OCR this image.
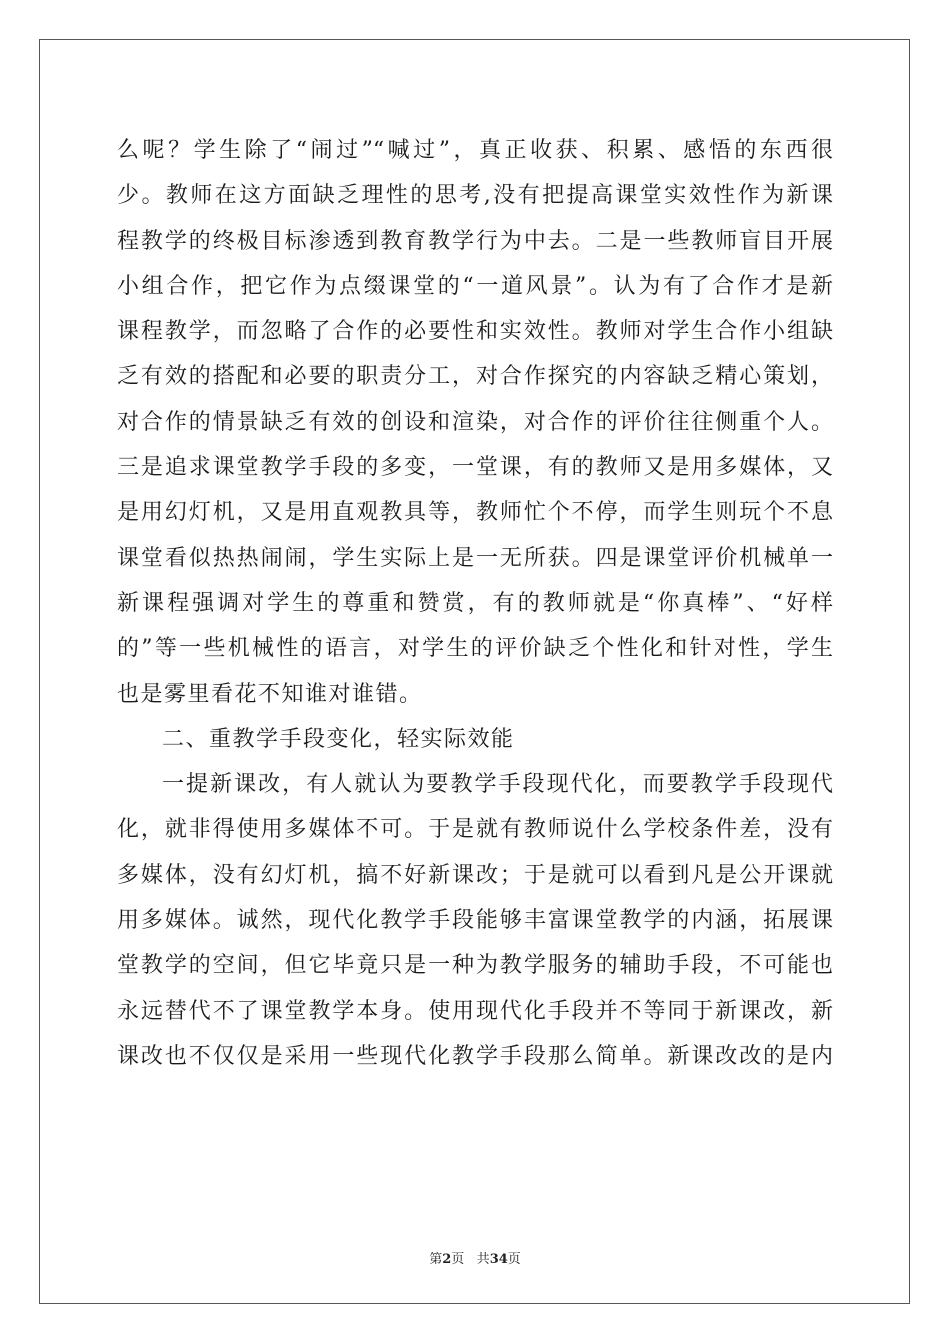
么呢？学生除了“闹过”“喊过”，真正收获、积累、感悟的东西很
少。教师在这方面缺乏理性的思考,没有把提高课堂实效性作为新课
程教学的终极目标渗透到教育教学行为中去。二是一些教师盲目开展
小组合作，把它作为点缀课堂的“一道风景”。认为有了合作才是新
课程教学，而忽略了合作的必要性和实效性。教师对学生合作小组缺
乏有效的搭配和必要的职责分工，对合作探究的内容缺乏精心策划，
对合作的情景缺乏有效的创设和渲染，对合作的评价往往侧重个人。
三是追求课堂教学手段的多变，一堂课，有的教师又是用多媒体，又
是用幻灯机，又是用直观教具等，教师忙个不停，而学生则玩个不息
课堂看似热热闹闹，学生实际上是一无所获。四是课堂评价机械单一
新课程强调对学生的尊重和赞赏，有的教师就是“你真棒”、“好样
的”等一些机械性的语言，对学生的评价缺乏个性化和针对性，学生
也是雾里看花不知谁对谁错。
二、重教学手段变化，轻实际效能
一提新课改，有人就认为要教学手段现代化，而要教学手段现代
化，就非得使用多媒体不可。于是就有教师说什么学校条件差，没有
多媒体，没有幻灯机，搞不好新课改；于是就可以看到凡是公开课就
用多媒体。诚然，现代化教学手段能够丰富课堂教学的内涵，拓展课
堂教学的空间，但它毕竟只是一种为教学服务的辅助手段，不可能也
永远替代不了课堂教学本身。使用现代化手段并不等同于新课改，新
课改也不仅仅是采用一些现代化教学手段那么简单。新课改改的是内
第2页 共34页
